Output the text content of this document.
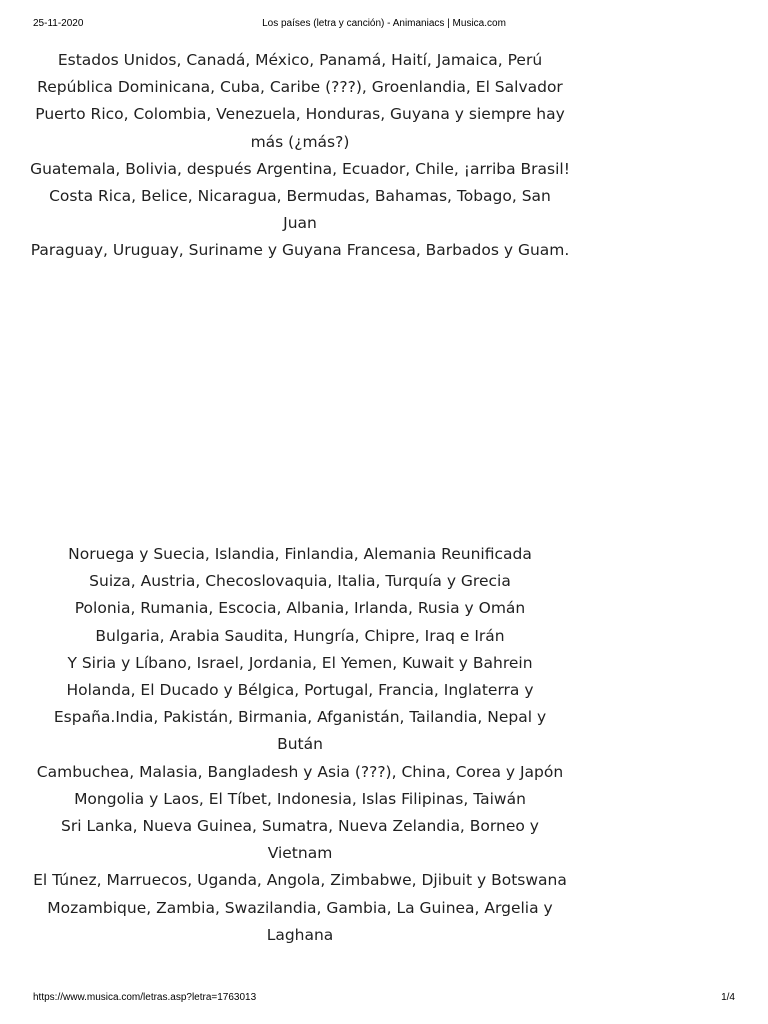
25-11-2020	Los países (letra y canción) - Animaniacs | Musica.com
Estados Unidos, Canadá, México, Panamá, Haití, Jamaica, Perú
República Dominicana, Cuba, Caribe (???), Groenlandia, El Salvador
Puerto Rico, Colombia, Venezuela, Honduras, Guyana y siempre hay
más (¿más?)
Guatemala, Bolivia, después Argentina, Ecuador, Chile, ¡arriba Brasil!
Costa Rica, Belice, Nicaragua, Bermudas, Bahamas, Tobago, San Juan
Paraguay, Uruguay, Suriname y Guyana Francesa, Barbados y Guam.
Noruega y Suecia, Islandia, Finlandia, Alemania Reunificada
Suiza, Austria, Checoslovaquia, Italia, Turquía y Grecia
Polonia, Rumania, Escocia, Albania, Irlanda, Rusia y Omán
Bulgaria, Arabia Saudita, Hungría, Chipre, Iraq e Irán
Y Siria y Líbano, Israel, Jordania, El Yemen, Kuwait y Bahrein
Holanda, El Ducado y Bélgica, Portugal, Francia, Inglaterra y
España.India, Pakistán, Birmania, Afganistán, Tailandia, Nepal y Bután
Cambuchea, Malasia, Bangladesh y Asia (???), China, Corea y Japón
Mongolia y Laos, El Tíbet, Indonesia, Islas Filipinas, Taiwán
Sri Lanka, Nueva Guinea, Sumatra, Nueva Zelandia, Borneo y
Vietnam
El Túnez, Marruecos, Uganda, Angola, Zimbabwe, Djibuit y Botswana
Mozambique, Zambia, Swazilandia, Gambia, La Guinea, Argelia y
Laghana
https://www.musica.com/letras.asp?letra=1763013	1/4
